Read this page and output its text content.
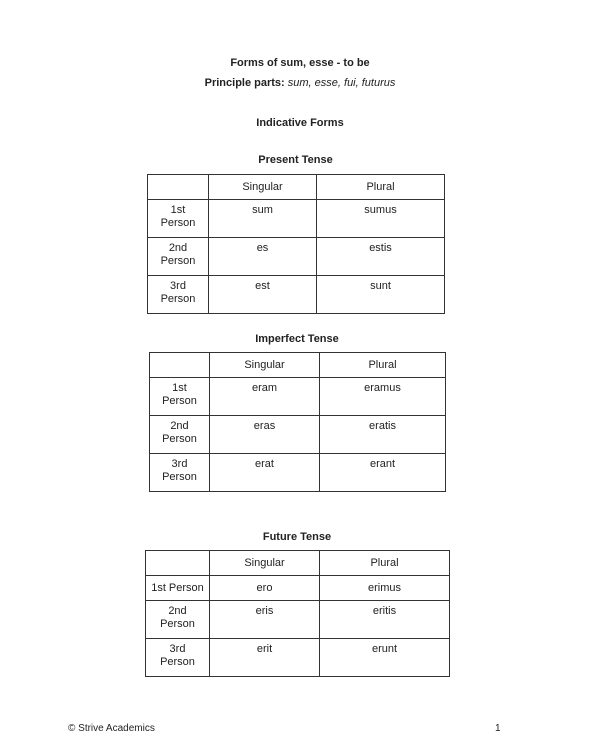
Forms of sum, esse - to be
Principle parts: sum, esse, fui, futurus
Indicative Forms
Present Tense
	Singular	Plural
1st
Person	sum	sumus
2nd
Person	es	estis
3rd
Person	est	sunt
Imperfect Tense
	Singular	Plural
1st
Person	eram	eramus
2nd
Person	eras	eratis
3rd
Person	erat	erant
Future Tense
	Singular	Plural
1st Person	ero	erimus
2nd
Person	eris	eritis
3rd
Person	erit	erunt
© Strive Academics	1
